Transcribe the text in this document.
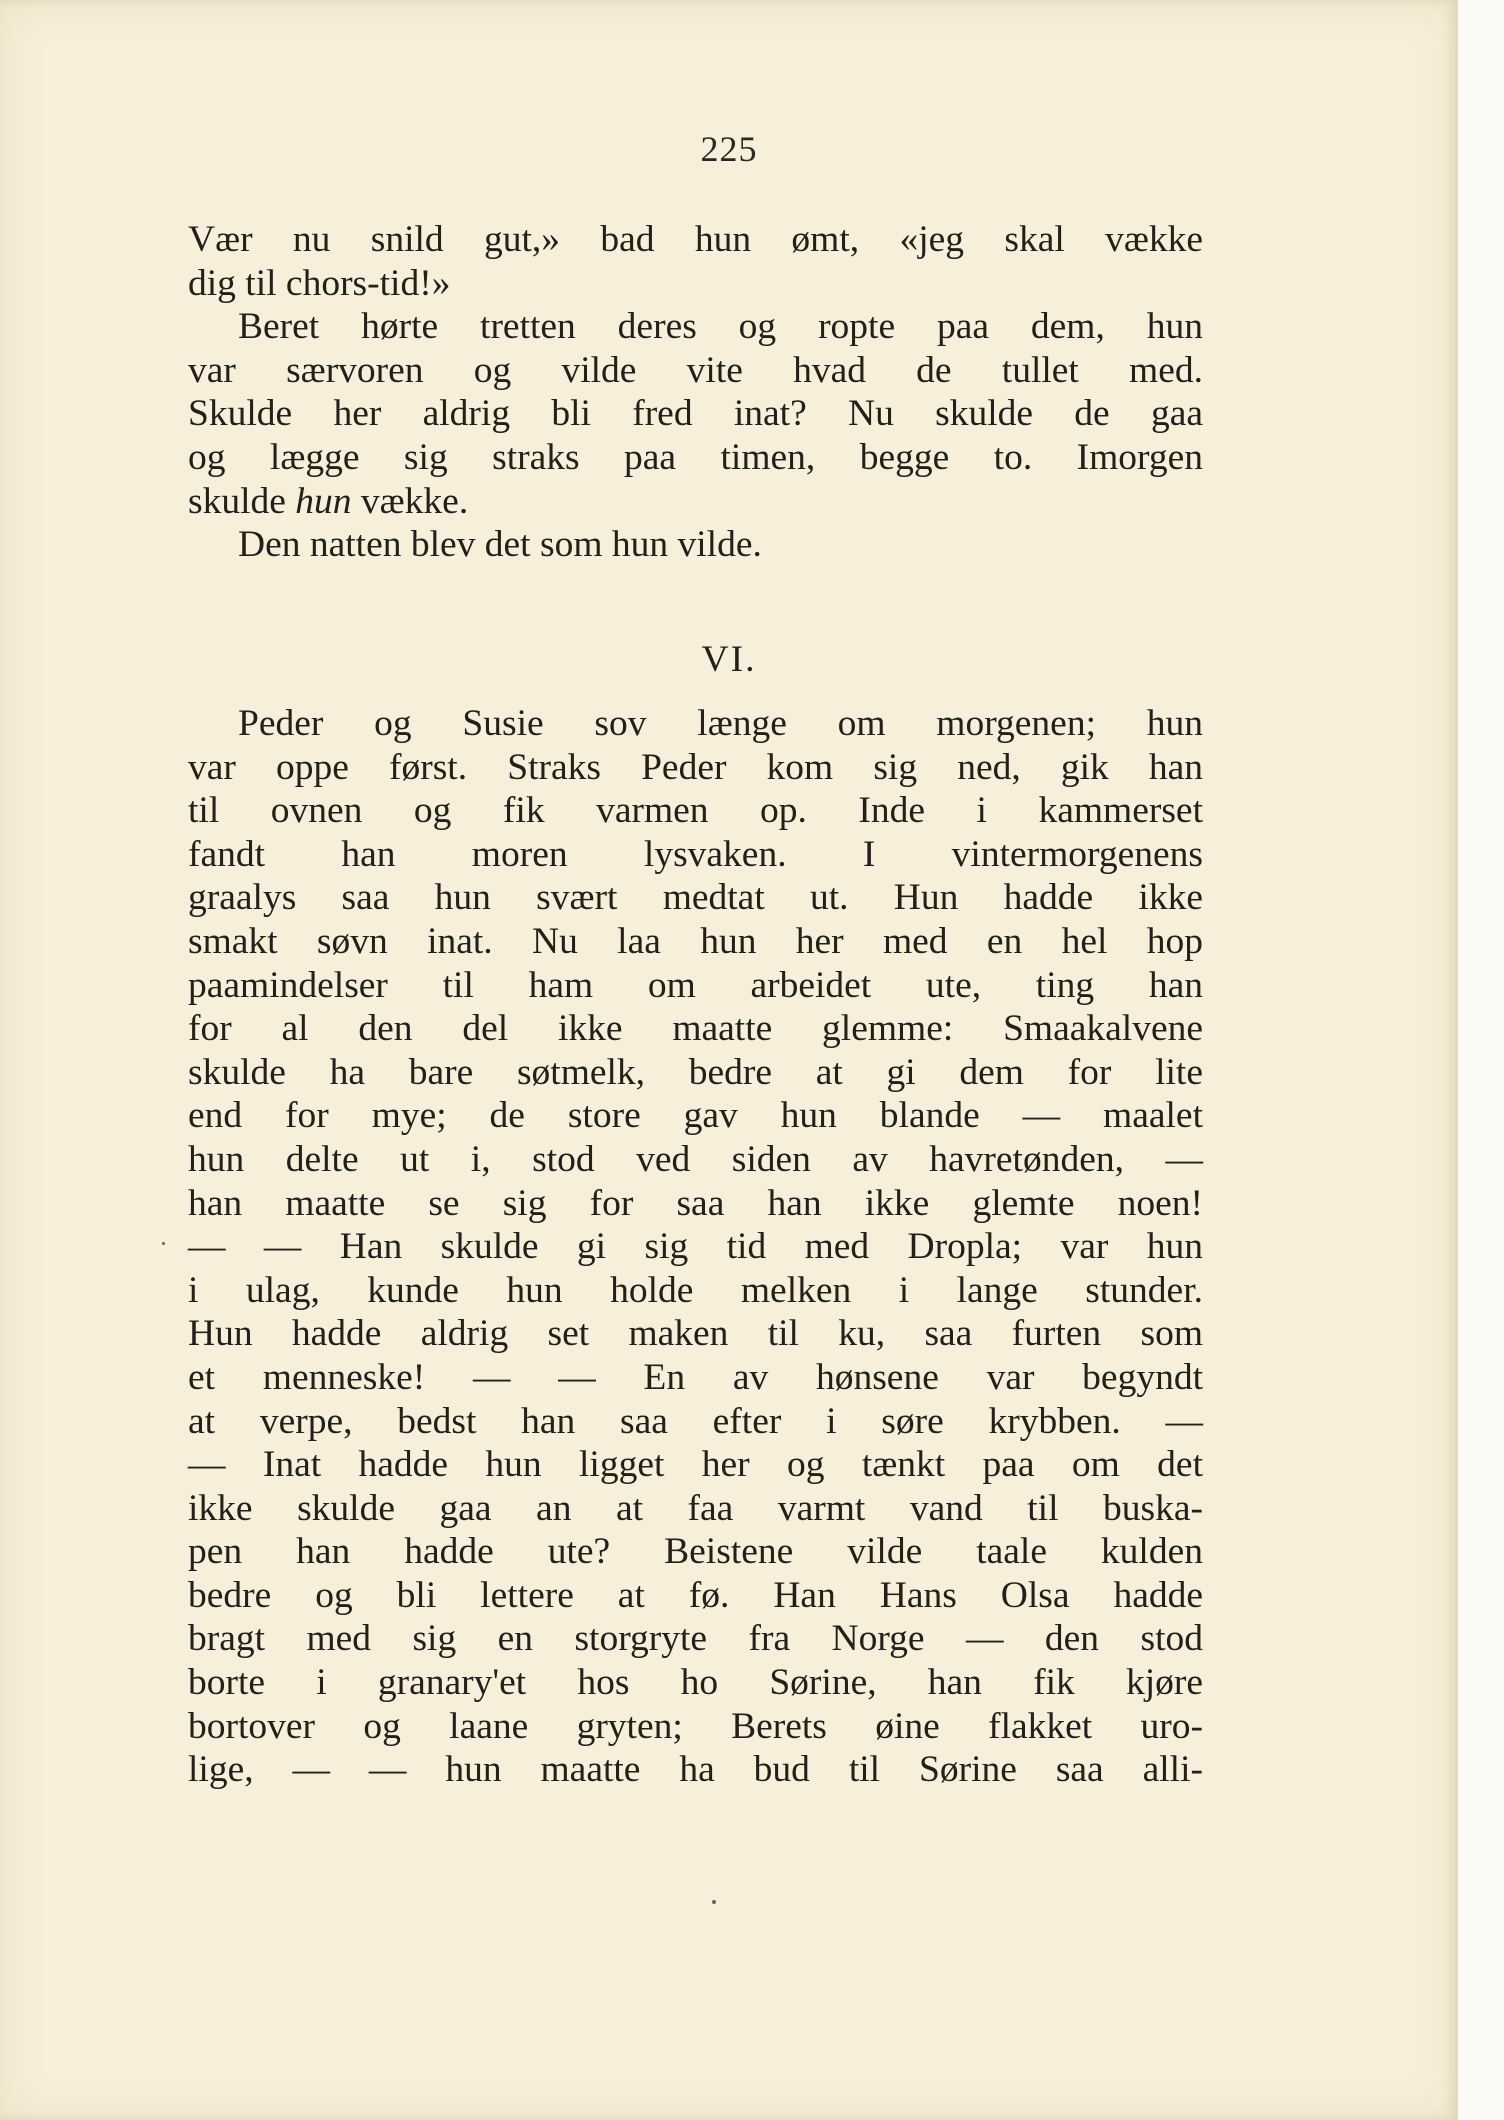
225
Vær nu snild gut,» bad hun ømt, «jeg skal vække
dig til chors-tid!»
Beret hørte tretten deres og ropte paa dem, hun
var særvoren og vilde vite hvad de tullet med.
Skulde her aldrig bli fred inat? Nu skulde de gaa
og lægge sig straks paa timen, begge to. Imorgen
skulde hun vække.
Den natten blev det som hun vilde.
VI.
Peder og Susie sov længe om morgenen; hun
var oppe først. Straks Peder kom sig ned, gik han
til ovnen og fik varmen op. Inde i kammerset
fandt han moren lysvaken. I vintermorgenens
graalys saa hun svært medtat ut. Hun hadde ikke
smakt søvn inat. Nu laa hun her med en hel hop
paamindelser til ham om arbeidet ute, ting han
for al den del ikke maatte glemme: Smaakalvene
skulde ha bare søtmelk, bedre at gi dem for lite
end for mye; de store gav hun blande — maalet
hun delte ut i, stod ved siden av havretønden, —
han maatte se sig for saa han ikke glemte noen!
— — Han skulde gi sig tid med Dropla; var hun
i ulag, kunde hun holde melken i lange stunder.
Hun hadde aldrig set maken til ku, saa furten som
et menneske! — — En av hønsene var begyndt
at verpe, bedst han saa efter i søre krybben. —
— Inat hadde hun ligget her og tænkt paa om det
ikke skulde gaa an at faa varmt vand til buska-
pen han hadde ute? Beistene vilde taale kulden
bedre og bli lettere at fø. Han Hans Olsa hadde
bragt med sig en storgryte fra Norge — den stod
borte i granary'et hos ho Sørine, han fik kjøre
bortover og laane gryten; Berets øine flakket uro-
lige, — — hun maatte ha bud til Sørine saa alli-
